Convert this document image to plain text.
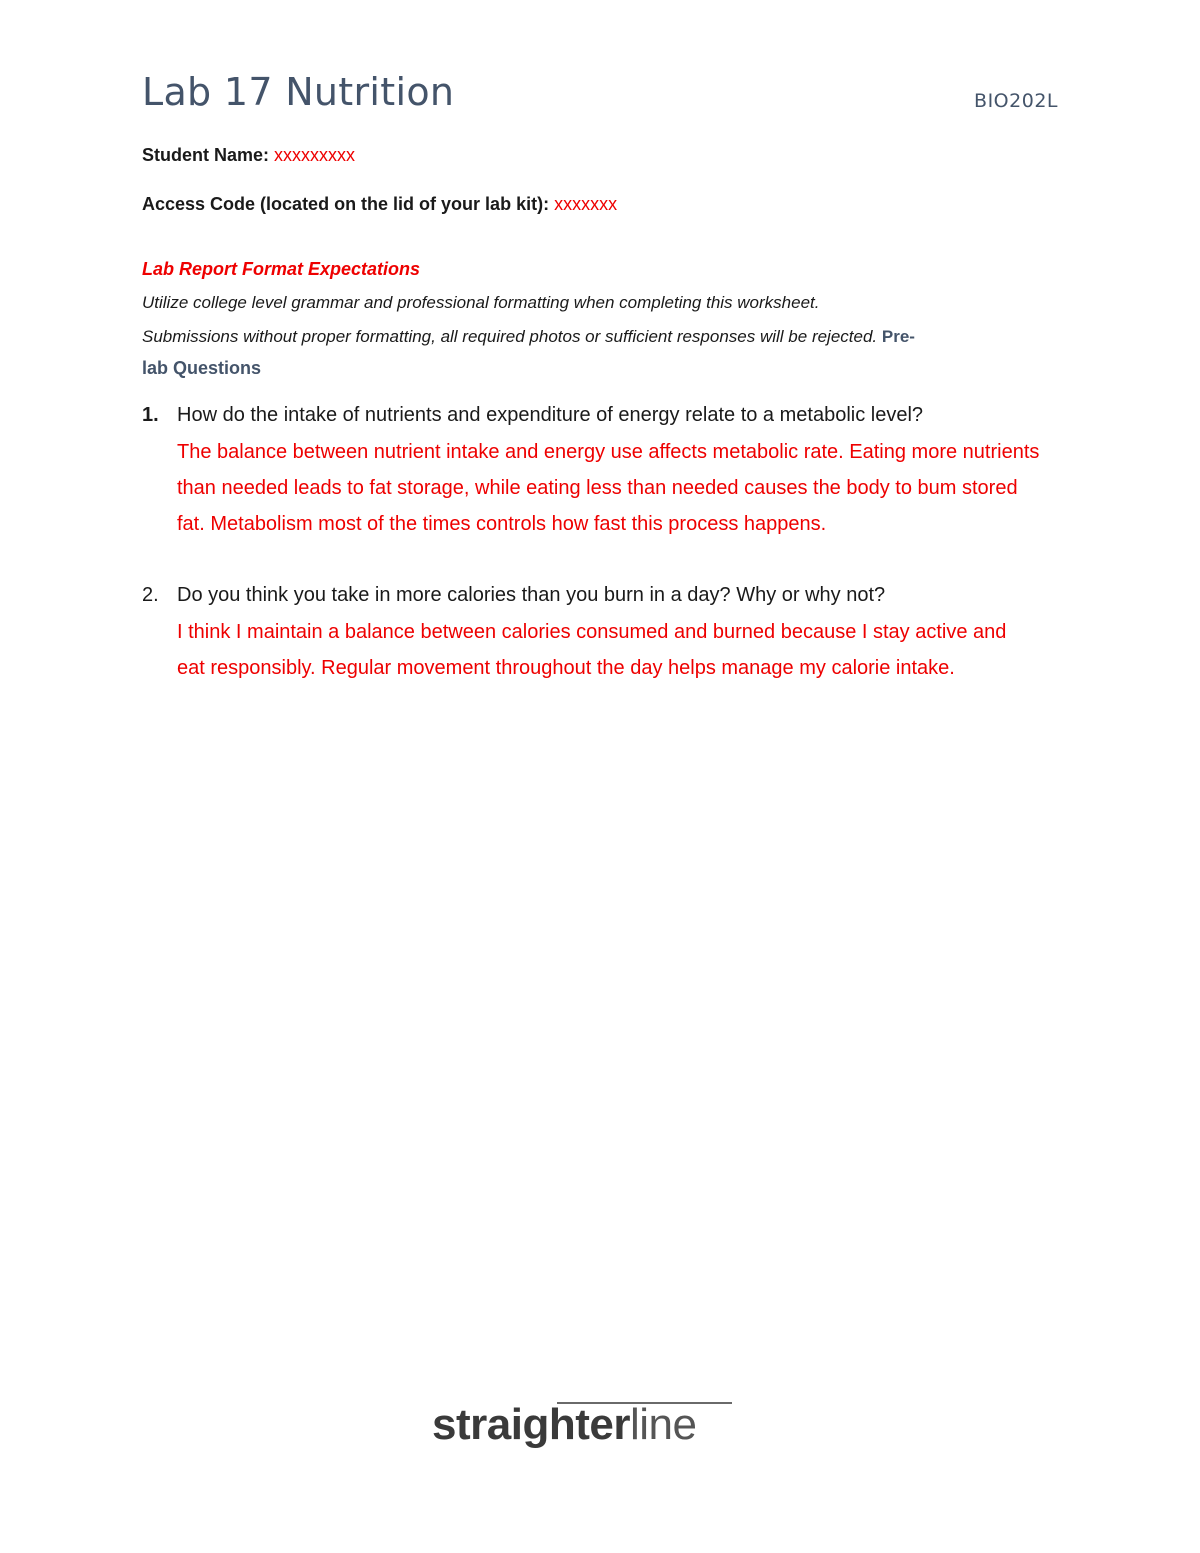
Lab 17 Nutrition	BIO202L
Student Name: xxxxxxxxx
Access Code (located on the lid of your lab kit): xxxxxxx
Lab Report Format Expectations
Utilize college level grammar and professional formatting when completing this worksheet.
Submissions without proper formatting, all required photos or sufficient responses will be rejected. Pre-
lab Questions
1. How do the intake of nutrients and expenditure of energy relate to a metabolic level?
The balance between nutrient intake and energy use affects metabolic rate. Eating more nutrients than needed leads to fat storage, while eating less than needed causes the body to bum stored fat. Metabolism most of the times controls how fast this process happens.
2. Do you think you take in more calories than you burn in a day? Why or why not?
I think I maintain a balance between calories consumed and burned because I stay active and eat responsibly. Regular movement throughout the day helps manage my calorie intake.
straighterline
